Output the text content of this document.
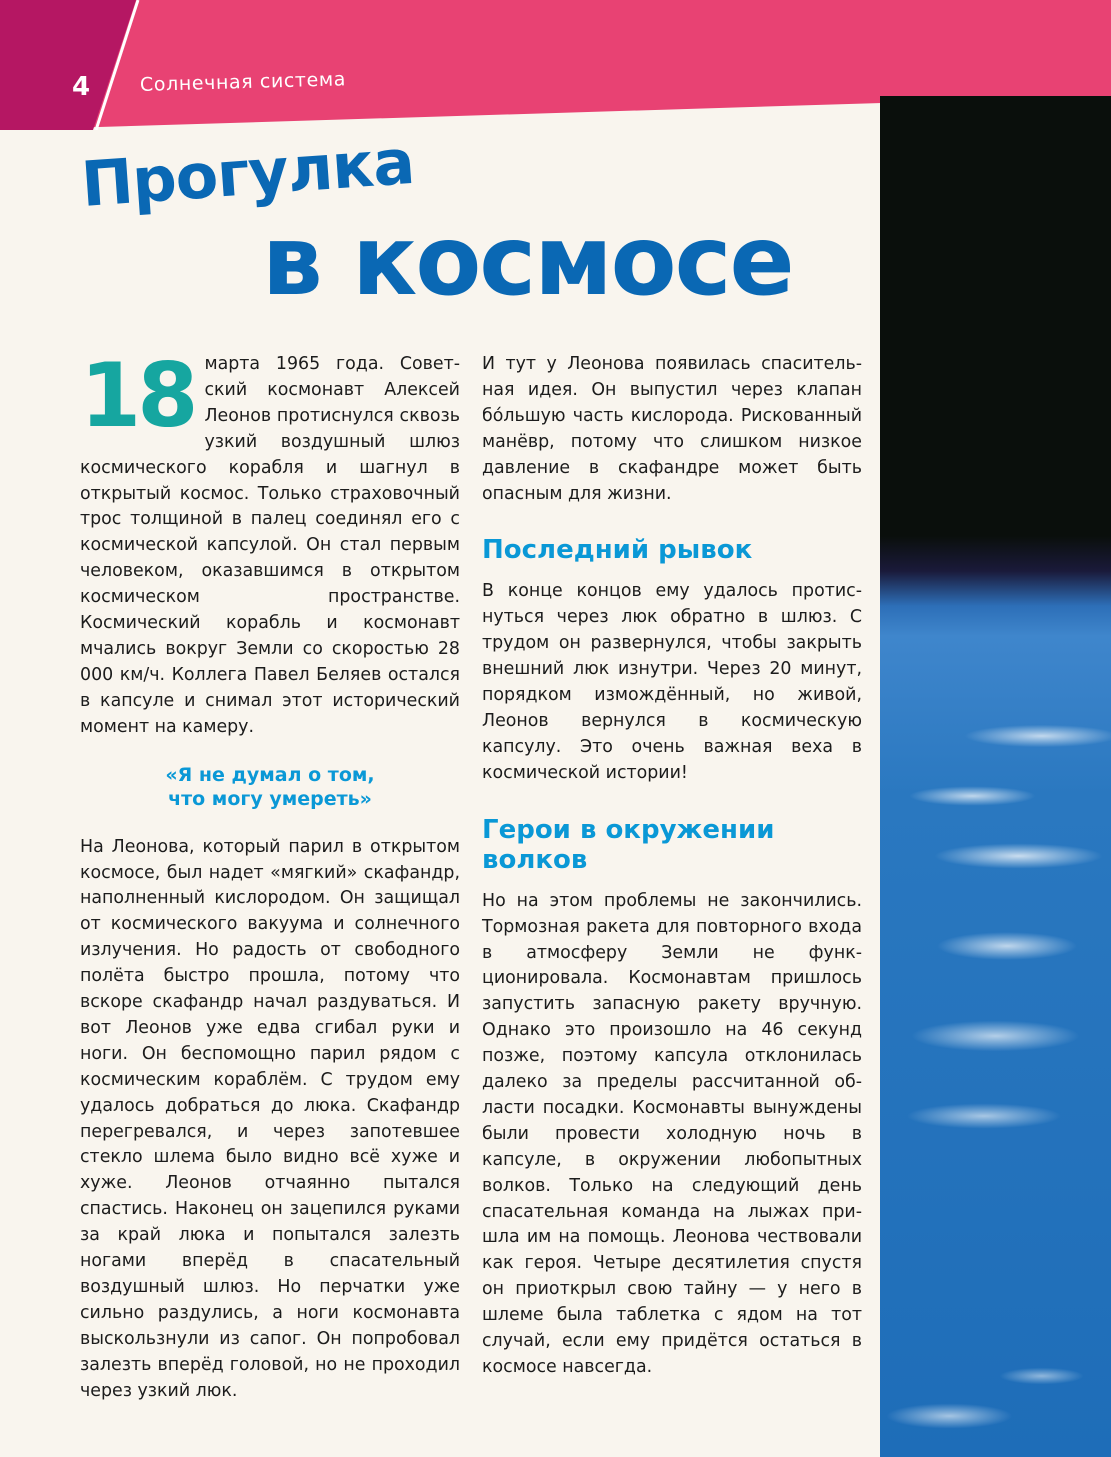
4	Солнечная система
Прогулка
в космосе

18 марта 1965 года. Советский космонавт Алексей Леонов протиснулся сквозь узкий воздушный шлюз космического корабля и шагнул в открытый космос. Только страховочный трос толщиной в палец соединял его с космической капсулой. Он стал первым человеком, оказавшимся в открытом космическом пространстве. Космический корабль и космонавт мчались вокруг Земли со скоростью 28 000 км/ч. Коллега Павел Беляев остался в капсуле и снимал этот исторический момент на камеру.

«Я не думал о том,
что могу умереть»

На Леонова, который парил в открытом космосе, был надет «мягкий» скафандр, наполненный кислородом. Он защищал от космического вакуума и солнечного излучения. Но радость от свободного полёта быстро прошла, потому что вскоре скафандр начал раздуваться. И вот Леонов уже едва сгибал руки и ноги. Он беспомощно парил рядом с космическим кораблём. С трудом ему удалось добраться до люка. Скафандр перегревался, и через запотевшее стекло шлема было видно всё хуже и хуже. Леонов отчаянно пытался спастись. Наконец он зацепился руками за край люка и попытался залезть ногами вперёд в спасательный воздушный шлюз. Но перчатки уже сильно раздулись, а ноги космонавта выскользнули из сапог. Он попробовал залезть вперёд головой, но не проходил через узкий люк.

И тут у Леонова появилась спасительная идея. Он выпустил через клапан бóльшую часть кислорода. Рискованный манёвр, потому что слишком низкое давление в скафандре может быть опасным для жизни.

Последний рывок

В конце концов ему удалось протиснуться через люк обратно в шлюз. С трудом он развернулся, чтобы закрыть внешний люк изнутри. Через 20 минут, порядком измождённый, но живой, Леонов вернулся в космическую капсулу. Это очень важная веха в космической истории!

Герои в окружении волков

Но на этом проблемы не закончились. Тормозная ракета для повторного входа в атмосферу Земли не функционировала. Космонавтам пришлось запустить запасную ракету вручную. Однако это произошло на 46 секунд позже, поэтому капсула отклонилась далеко за пределы рассчитанной области посадки. Космонавты вынуждены были провести холодную ночь в капсуле, в окружении любопытных волков. Только на следующий день спасательная команда на лыжах пришла им на помощь. Леонова чествовали как героя. Четыре десятилетия спустя он приоткрыл свою тайну — у него в шлеме была таблетка с ядом на тот случай, если ему придётся остаться в космосе навсегда.
